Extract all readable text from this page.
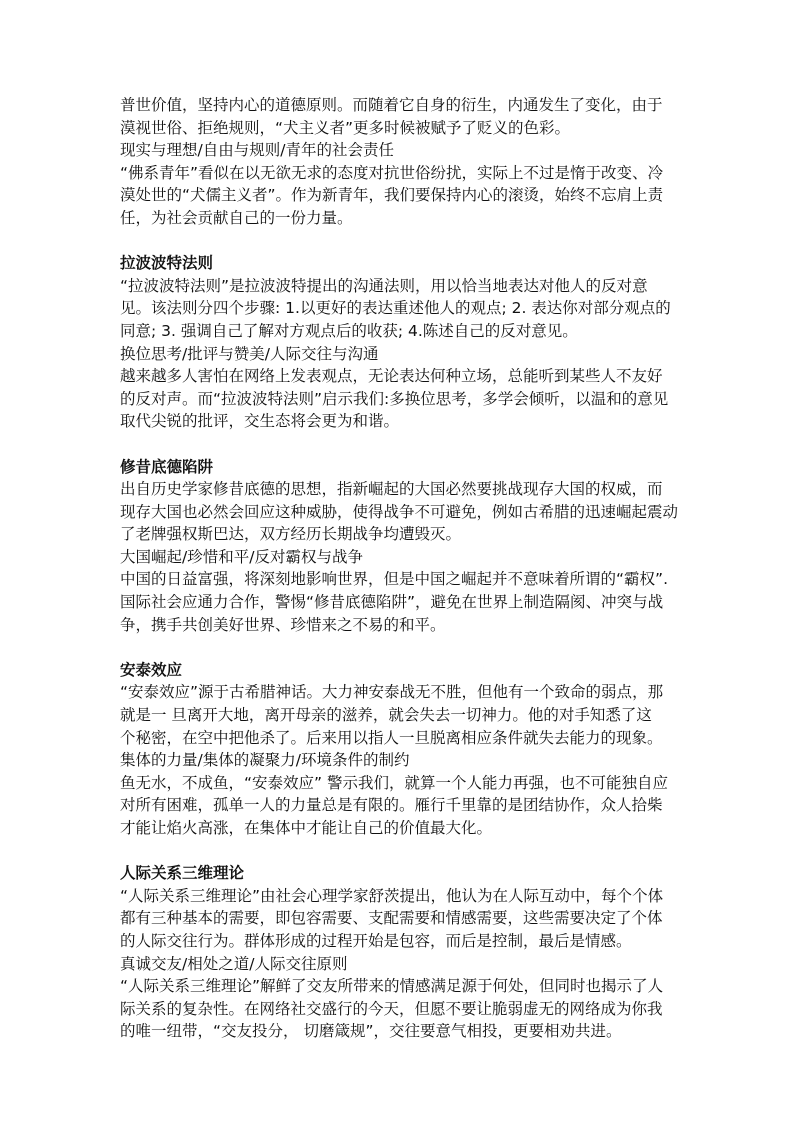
普世价值，坚持内心的道德原则。而随着它自身的衍生，内通发生了变化，由于
漠视世俗、拒绝规则，“犬主义者”更多时候被赋予了贬义的色彩。

现实与理想/自由与规则/青年的社会责任

“佛系青年”看似在以无欲无求的态度对抗世俗纷扰，实际上不过是惰于改变、冷
漠处世的“犬儒主义者”。作为新青年，我们要保持内心的滚烫，始终不忘肩上责
任，为社会贡献自己的一份力量。

拉波波特法则

“拉波波特法则”是拉波波特提出的沟通法则，用以恰当地表达对他人的反对意
见。该法则分四个步骤: 1.以更好的表达重述他人的观点; 2. 表达你对部分观点的
同意; 3. 强调自己了解对方观点后的收获; 4.陈述自己的反对意见。

换位思考/批评与赞美/人际交往与沟通

越来越多人害怕在网络上发表观点，无论表达何种立场，总能听到某些人不友好
的反对声。而“拉波波特法则”启示我们:多换位思考，多学会倾听，以温和的意见
取代尖锐的批评，交生态将会更为和谐。

修昔底德陷阱

出自历史学家修昔底德的思想，指新崛起的大国必然要挑战现存大国的权威，而
现存大国也必然会回应这种威胁，使得战争不可避免，例如古希腊的迅速崛起震动
了老牌强权斯巴达，双方经历长期战争均遭毁灭。

大国崛起/珍惜和平/反对霸权与战争

中国的日益富强，将深刻地影响世界，但是中国之崛起并不意味着所谓的“霸权”.
国际社会应通力合作，警惕“修昔底德陷阱”，避免在世界上制造隔阂、冲突与战
争，携手共创美好世界、珍惜来之不易的和平。

安泰效应

“安泰效应”源于古希腊神话。大力神安泰战无不胜，但他有一个致命的弱点，那
就是一 旦离开大地，离开母亲的滋养，就会失去一切神力。他的对手知悉了这
个秘密，在空中把他杀了。后来用以指人一旦脱离相应条件就失去能力的现象。

集体的力量/集体的凝聚力/环境条件的制约

鱼无水，不成鱼，“安泰效应” 警示我们，就算一个人能力再强，也不可能独自应
对所有困难，孤单一人的力量总是有限的。雁行千里靠的是团结协作，众人拾柴
才能让焰火高涨，在集体中才能让自己的价值最大化。

人际关系三维理论

“人际关系三维理论”由社会心理学家舒茨提出，他认为在人际互动中，每个个体
都有三种基本的需要，即包容需要、支配需要和情感需要，这些需要决定了个体
的人际交往行为。群体形成的过程开始是包容，而后是控制，最后是情感。

真诚交友/相处之道/人际交往原则

“人际关系三维理论”解鲜了交友所带来的情感满足源于何处，但同时也揭示了人
际关系的复杂性。在网络社交盛行的今天，但愿不要让脆弱虚无的网络成为你我
的唯一纽带，“交友投分， 切磨箴规”，交往要意气相投，更要相劝共进。
